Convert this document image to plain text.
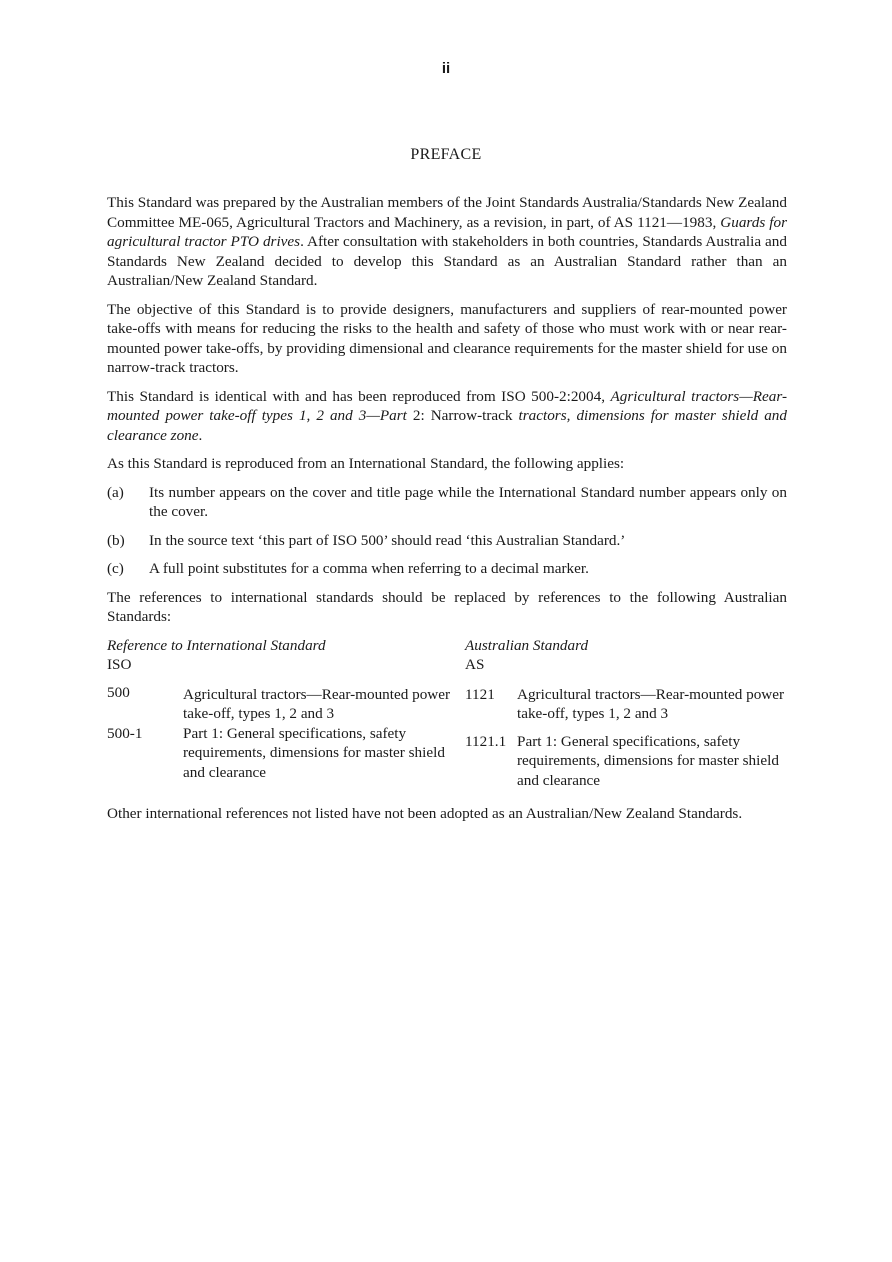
ii
PREFACE

This Standard was prepared by the Australian members of the Joint Standards Australia/Standards New Zealand Committee ME-065, Agricultural Tractors and Machinery, as a revision, in part, of AS 1121—1983, Guards for agricultural tractor PTO drives. After consultation with stakeholders in both countries, Standards Australia and Standards New Zealand decided to develop this Standard as an Australian Standard rather than an Australian/New Zealand Standard.

The objective of this Standard is to provide designers, manufacturers and suppliers of rear-mounted power take-offs with means for reducing the risks to the health and safety of those who must work with or near rear-mounted power take-offs, by providing dimensional and clearance requirements for the master shield for use on narrow-track tractors.

This Standard is identical with and has been reproduced from ISO 500-2:2004, Agricultural tractors—Rear-mounted power take-off types 1, 2 and 3—Part 2: Narrow-track tractors, dimensions for master shield and clearance zone.

As this Standard is reproduced from an International Standard, the following applies:

(a)	Its number appears on the cover and title page while the International Standard number appears only on the cover.
(b)	In the source text ‘this part of ISO 500’ should read ‘this Australian Standard.’
(c)	A full point substitutes for a comma when referring to a decimal marker.

The references to international standards should be replaced by references to the following Australian Standards:

Reference to International Standard		Australian Standard	
ISO		AS	
500	Agricultural tractors—Rear-mounted power take-off, types 1, 2 and 3	1121	Agricultural tractors—Rear-mounted power take-off, types 1, 2 and 3
500-1	Part 1: General specifications, safety requirements, dimensions for master shield and clearance	1121.1	Part 1: General specifications, safety requirements, dimensions for master shield and clearance

Other international references not listed have not been adopted as an Australian/New Zealand Standards.
